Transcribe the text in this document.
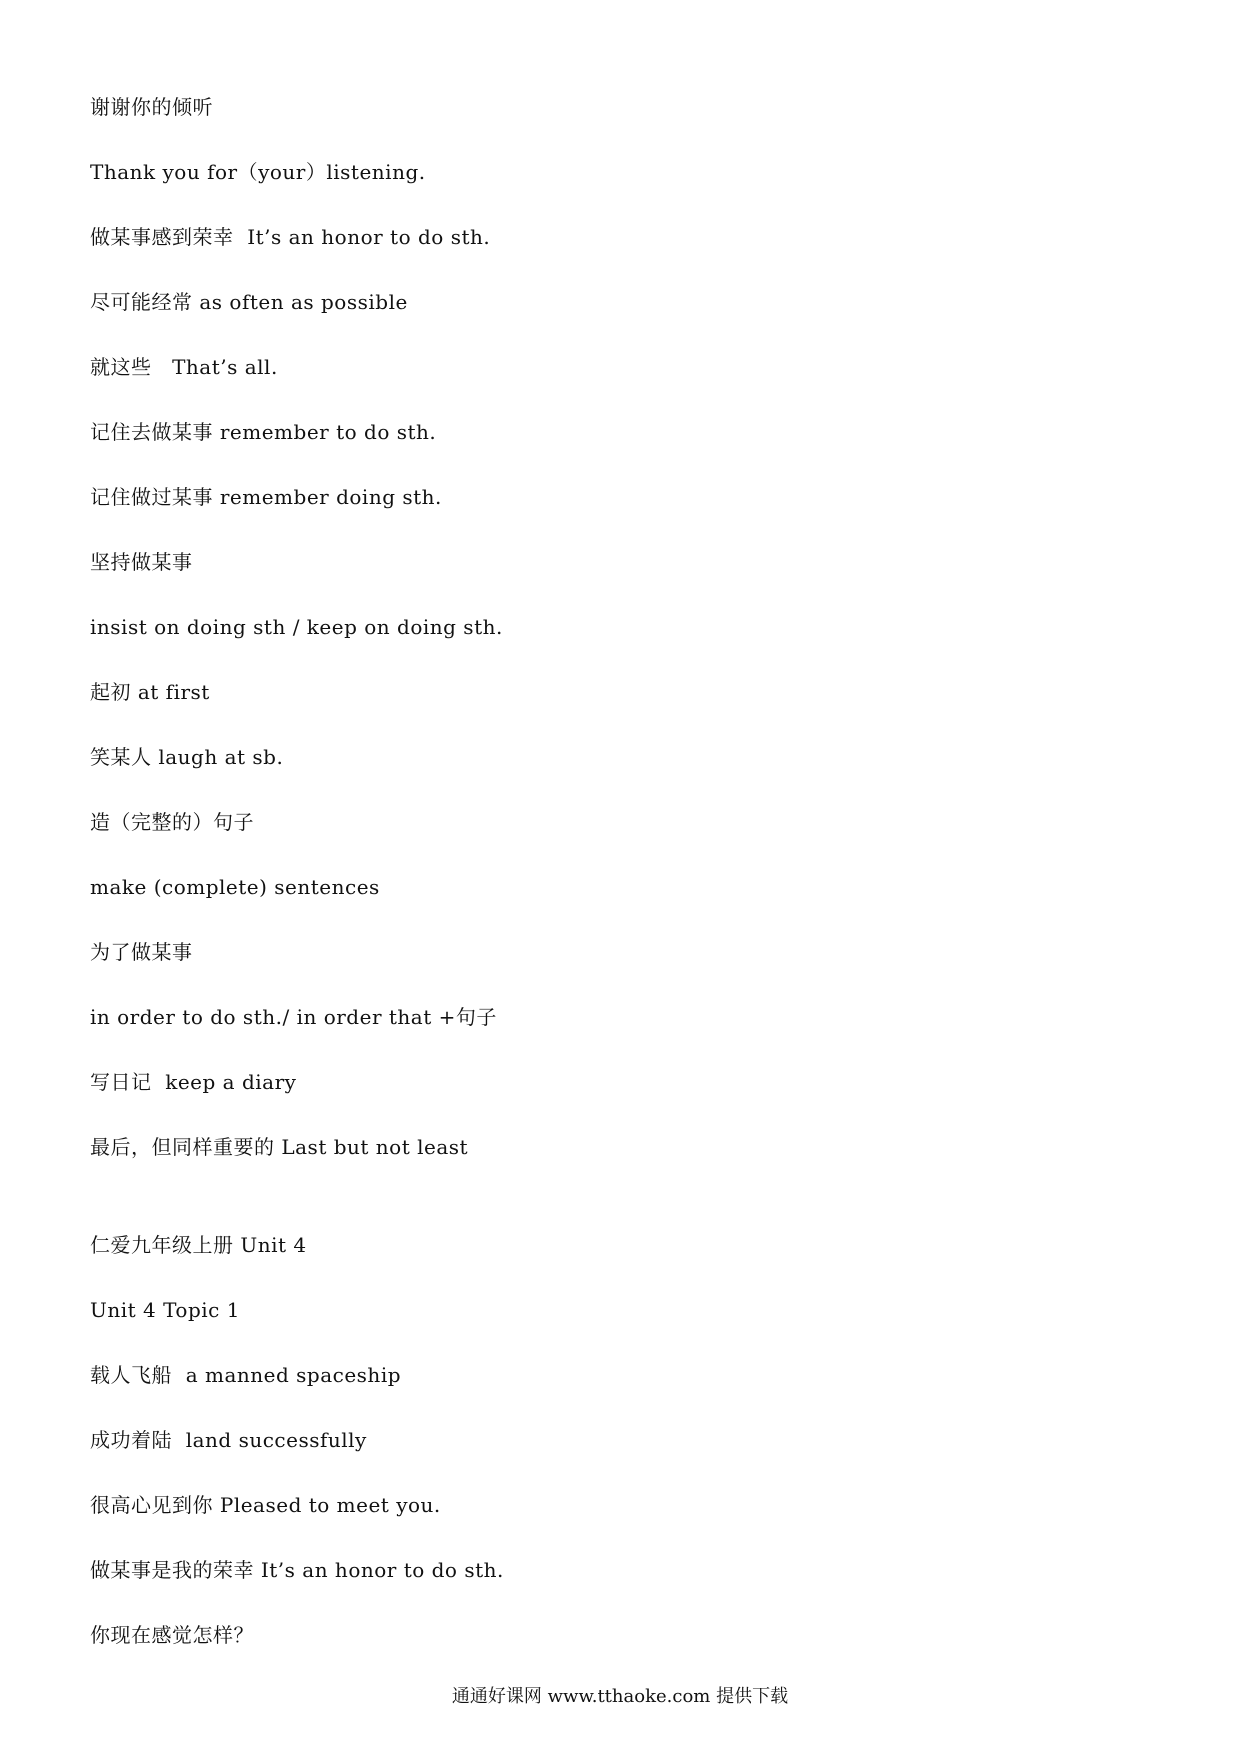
谢谢你的倾听
Thank you for（your）listening.
做某事感到荣幸  It’s an honor to do sth.
尽可能经常 as often as possible
就这些   That’s all.
记住去做某事 remember to do sth.
记住做过某事 remember doing sth.
坚持做某事
insist on doing sth / keep on doing sth.
起初 at first
笑某人 laugh at sb.
造（完整的）句子
make (complete) sentences
为了做某事
in order to do sth./ in order that +句子
写日记  keep a diary
最后，但同样重要的 Last but not least
仁爱九年级上册 Unit 4
Unit 4 Topic 1
载人飞船  a manned spaceship
成功着陆  land successfully
很高心见到你 Pleased to meet you.
做某事是我的荣幸 It’s an honor to do sth.
你现在感觉怎样？
通通好课网 www.tthaoke.com 提供下载
